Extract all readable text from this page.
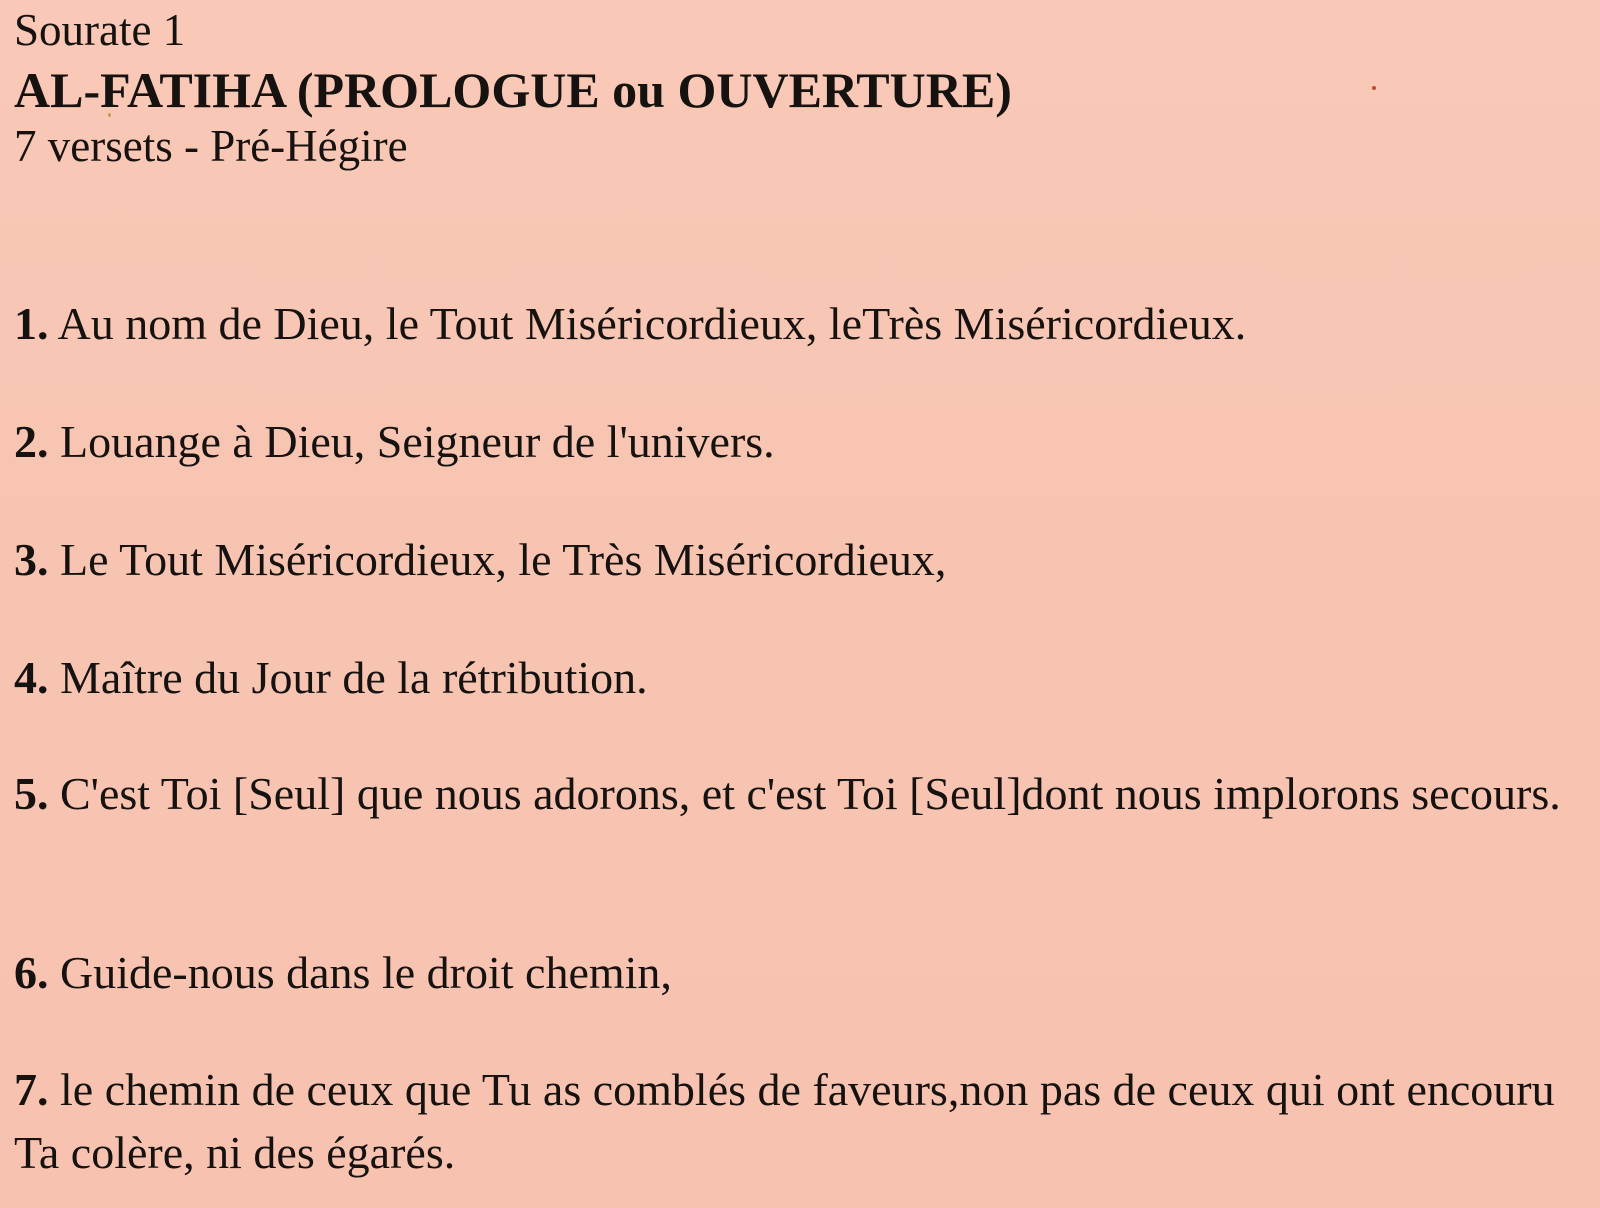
Sourate 1
AL-FATIHA (PROLOGUE ou OUVERTURE)
7 versets - Pré-Hégire
1. Au nom de Dieu, le Tout Miséricordieux, leTrès Miséricordieux.
2. Louange à Dieu, Seigneur de l'univers.
3. Le Tout Miséricordieux, le Très Miséricordieux,
4. Maître du Jour de la rétribution.
5. C'est Toi [Seul] que nous adorons, et c'est Toi [Seul]dont nous implorons secours.
6. Guide-nous dans le droit chemin,
7. le chemin de ceux que Tu as comblés de faveurs,non pas de ceux qui ont encouru Ta colère, ni des égarés.
